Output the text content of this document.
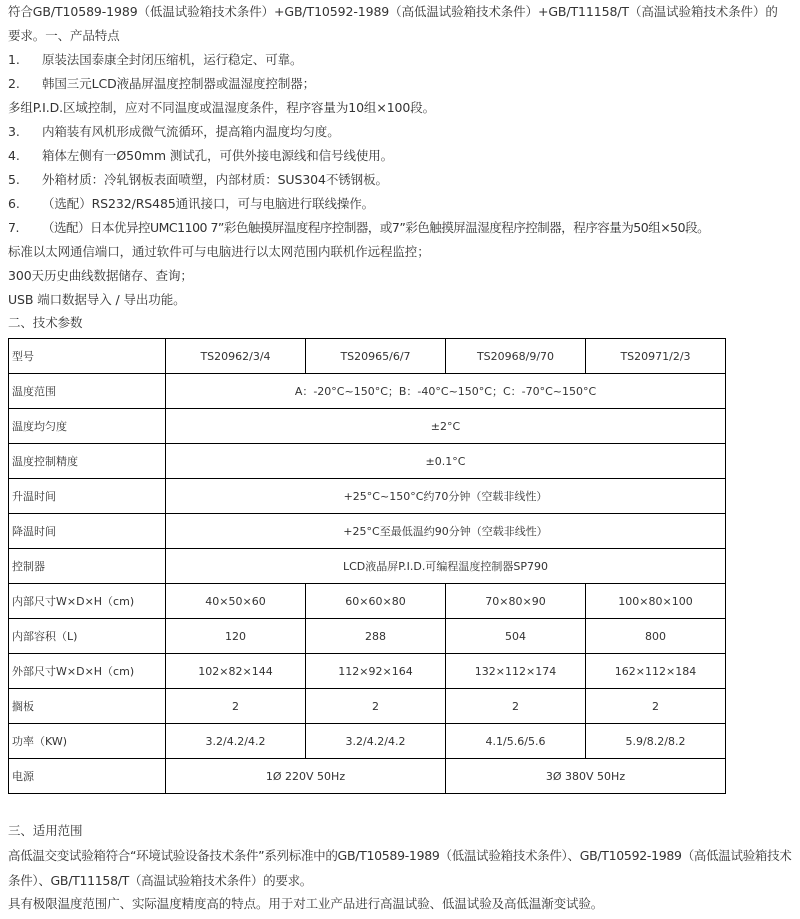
符合GB/T10589-1989（低温试验箱技术条件）+GB/T10592-1989（高低温试验箱技术条件）+GB/T11158/T（高温试验箱技术条件）的
要求。一、产品特点
1. 原装法国泰康全封闭压缩机，运行稳定、可靠。
2. 韩国三元LCD液晶屏温度控制器或温湿度控制器；
多组P.I.D.区域控制，应对不同温度或温湿度条件，程序容量为10组×100段。
3. 内箱装有风机形成微气流循环，提高箱内温度均匀度。
4. 箱体左侧有一Ø50mm 测试孔，可供外接电源线和信号线使用。
5. 外箱材质：冷轧钢板表面喷塑，内部材质：SUS304不锈钢板。
6. （选配）RS232/RS485通讯接口，可与电脑进行联线操作。
7. （选配）日本优异控UMC1100 7”彩色触摸屏温度程序控制器，或7”彩色触摸屏温湿度程序控制器，程序容量为50组×50段。
标准以太网通信端口，通过软件可与电脑进行以太网范围内联机作远程监控；
300天历史曲线数据储存、查询；
USB 端口数据导入 / 导出功能。
二、技术参数
型号	TS20962/3/4	TS20965/6/7	TS20968/9/70	TS20971/2/3
温度范围	A：-20°C~150°C；B：-40°C~150°C；C：-70°C~150°C			
温度均匀度	±2°C			
温度控制精度	±0.1°C			
升温时间	+25°C~150°C约70分钟（空载非线性）			
降温时间	+25°C至最低温约90分钟（空载非线性）			
控制器	LCD液晶屏P.I.D.可编程温度控制器SP790			
内部尺寸W×D×H（cm)	40×50×60	60×60×80	70×80×90	100×80×100
内部容积（L)	120	288	504	800
外部尺寸W×D×H（cm)	102×82×144	112×92×164	132×112×174	162×112×184
搁板	2	2	2	2
功率（KW)	3.2/4.2/4.2	3.2/4.2/4.2	4.1/5.6/5.6	5.9/8.2/8.2
电源	1Ø 220V 50Hz		3Ø 380V 50Hz	
三、适用范围
高低温交变试验箱符合“环境试验设备技术条件”系列标准中的GB/T10589-1989（低温试验箱技术条件）、GB/T10592-1989（高低温试验箱技术条件）、GB/T11158/T（高温试验箱技术条件）的要求。
具有极限温度范围广、实际温度精度高的特点。用于对工业产品进行高温试验、低温试验及高低温渐变试验。
